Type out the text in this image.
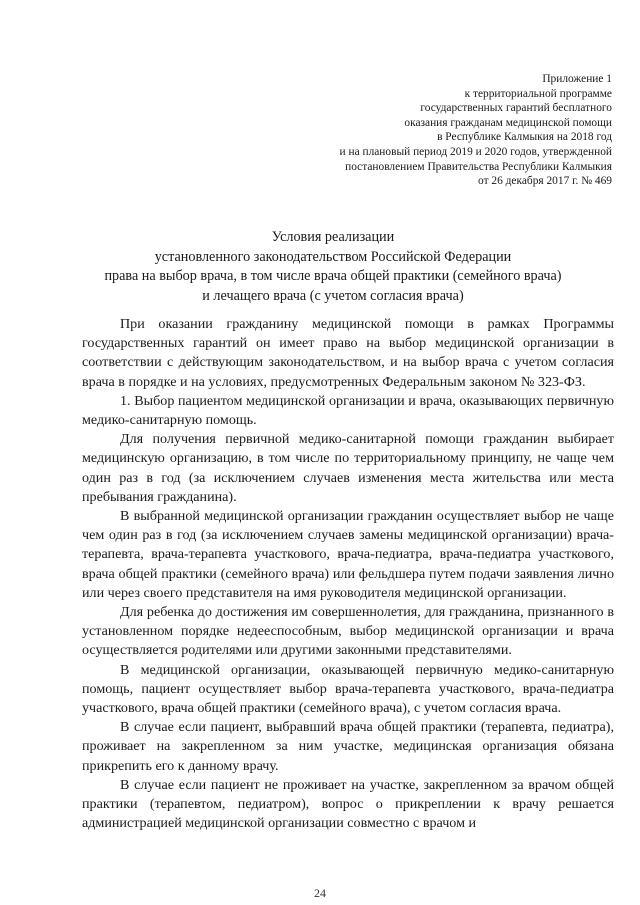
Приложение 1
к территориальной программе
государственных гарантий бесплатного
оказания гражданам медицинской помощи
в Республике Калмыкия на 2018 год
и на плановый период 2019 и 2020 годов, утвержденной
постановлением Правительства Республики Калмыкия
от 26 декабря 2017 г. № 469
Условия реализации
установленного законодательством Российской Федерации
права на выбор врача, в том числе врача общей практики (семейного врача)
и лечащего врача (с учетом согласия врача)

При оказании гражданину медицинской помощи в рамках Программы государственных гарантий он имеет право на выбор медицинской организации в соответствии с действующим законодательством, и на выбор врача с учетом согласия врача в порядке и на условиях, предусмотренных Федеральным законом № 323-ФЗ.

1. Выбор пациентом медицинской организации и врача, оказывающих первичную медико-санитарную помощь.

Для получения первичной медико-санитарной помощи гражданин выбирает медицинскую организацию, в том числе по территориальному принципу, не чаще чем один раз в год (за исключением случаев изменения места жительства или места пребывания гражданина).

В выбранной медицинской организации гражданин осуществляет выбор не чаще чем один раз в год (за исключением случаев замены медицинской организации) врача-терапевта, врача-терапевта участкового, врача-педиатра, врача-педиатра участкового, врача общей практики (семейного врача) или фельдшера путем подачи заявления лично или через своего представителя на имя руководителя медицинской организации.

Для ребенка до достижения им совершеннолетия, для гражданина, признанного в установленном порядке недееспособным, выбор медицинской организации и врача осуществляется родителями или другими законными представителями.

В медицинской организации, оказывающей первичную медико-санитарную помощь, пациент осуществляет выбор врача-терапевта участкового, врача-педиатра участкового, врача общей практики (семейного врача), с учетом согласия врача.

В случае если пациент, выбравший врача общей практики (терапевта, педиатра), проживает на закрепленном за ним участке, медицинская организация обязана прикрепить его к данному врачу.

В случае если пациент не проживает на участке, закрепленном за врачом общей практики (терапевтом, педиатром), вопрос о прикреплении к врачу решается администрацией медицинской организации совместно с врачом и

24
